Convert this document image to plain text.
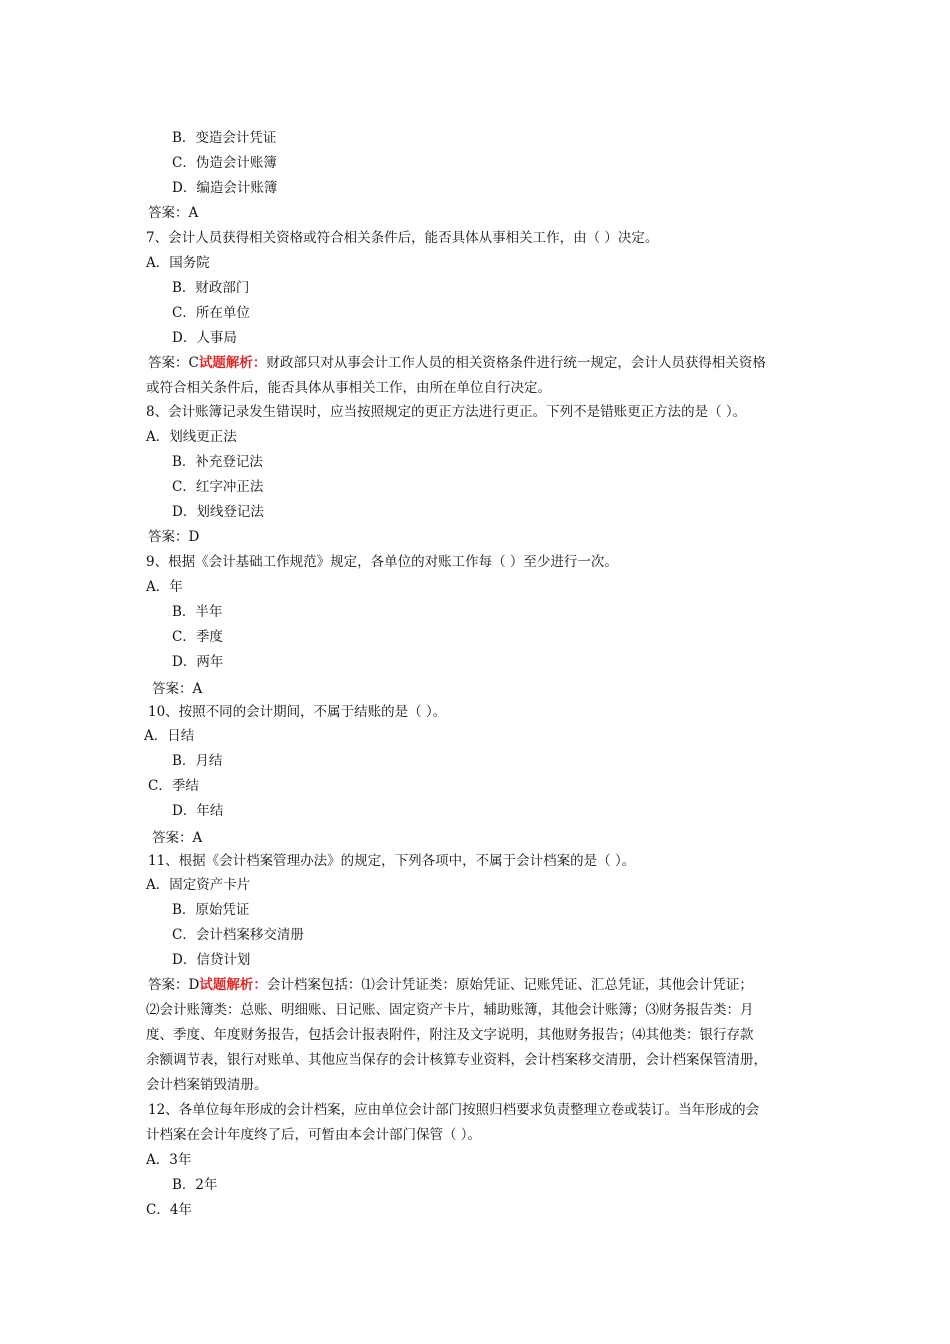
B．变造会计凭证
C．伪造会计账簿
D．编造会计账簿
答案：A
7、会计人员获得相关资格或符合相关条件后，能否具体从事相关工作，由（ ）决定。
A．国务院
B．财政部门
C．所在单位
D．人事局
答案：C试题解析：财政部只对从事会计工作人员的相关资格条件进行统一规定，会计人员获得相关资格
或符合相关条件后，能否具体从事相关工作，由所在单位自行决定。
8、会计账簿记录发生错误时，应当按照规定的更正方法进行更正。下列不是错账更正方法的是（ ）。
A．划线更正法
B．补充登记法
C．红字冲正法
D．划线登记法
答案：D
9、根据《会计基础工作规范》规定，各单位的对账工作每（ ）至少进行一次。
A．年
B．半年
C．季度
D．两年
答案：A
10、按照不同的会计期间，不属于结账的是（ ）。
A．日结
B．月结
C．季结
D．年结
答案：A
11、根据《会计档案管理办法》的规定，下列各项中，不属于会计档案的是（ ）。
A．固定资产卡片
B．原始凭证
C．会计档案移交清册
D．信贷计划
答案：D试题解析：会计档案包括：⑴会计凭证类：原始凭证、记账凭证、汇总凭证，其他会计凭证；
⑵会计账簿类：总账、明细账、日记账、固定资产卡片，辅助账簿，其他会计账簿；⑶财务报告类：月
度、季度、年度财务报告，包括会计报表附件，附注及文字说明，其他财务报告；⑷其他类：银行存款
余额调节表，银行对账单、其他应当保存的会计核算专业资料，会计档案移交清册，会计档案保管清册，
会计档案销毁清册。
12、各单位每年形成的会计档案，应由单位会计部门按照归档要求负责整理立卷或装订。当年形成的会
计档案在会计年度终了后，可暂由本会计部门保管（ ）。
A．3年
B．2年
C．4年
